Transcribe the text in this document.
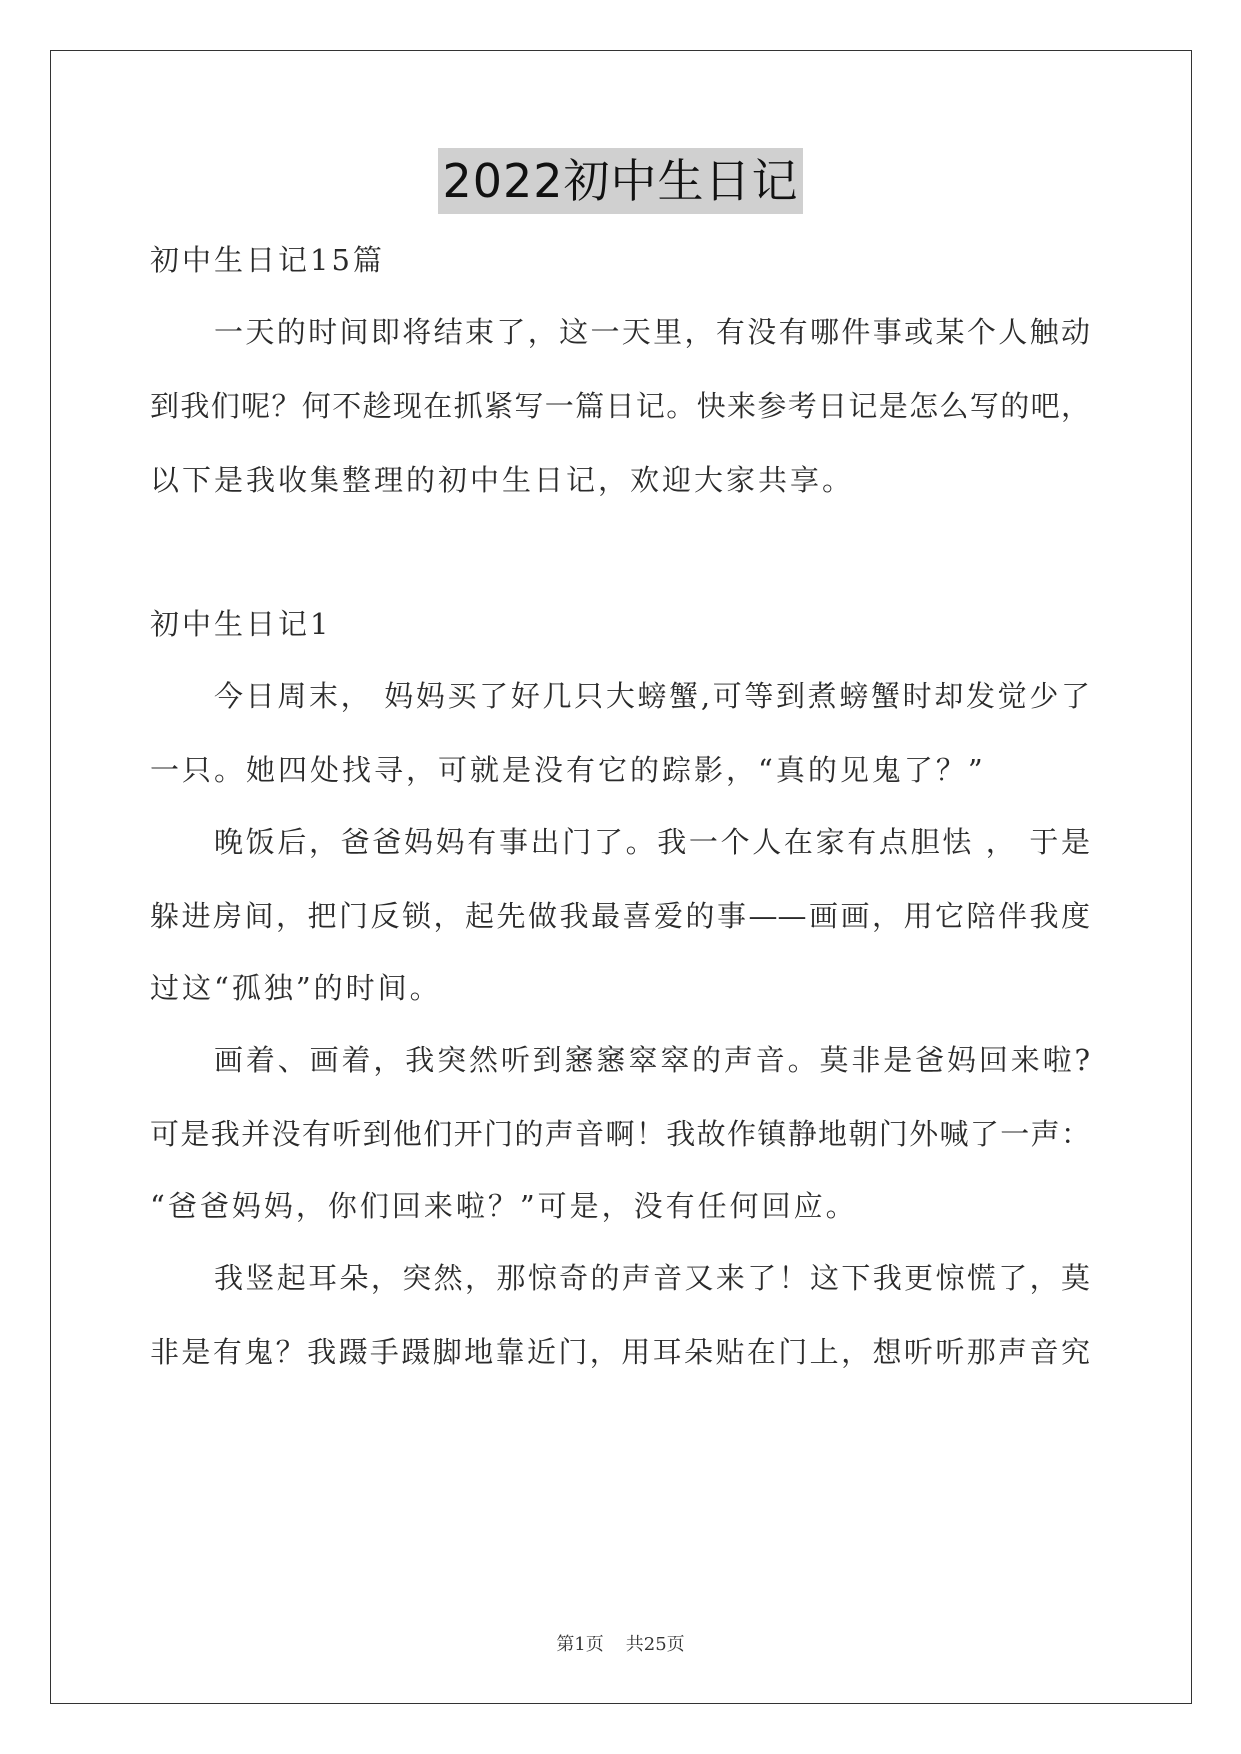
2022初中生日记
初中生日记15篇
一天的时间即将结束了，这一天里，有没有哪件事或某个人触动
到我们呢？何不趁现在抓紧写一篇日记。快来参考日记是怎么写的吧，
以下是我收集整理的初中生日记，欢迎大家共享。
初中生日记1
今日周末， 妈妈买了好几只大螃蟹,可等到煮螃蟹时却发觉少了
一只。她四处找寻，可就是没有它的踪影，“真的见鬼了？”
晚饭后，爸爸妈妈有事出门了。我一个人在家有点胆怯 ， 于是
躲进房间，把门反锁，起先做我最喜爱的事——画画，用它陪伴我度
过这“孤独”的时间。
画着、画着，我突然听到窸窸窣窣的声音。莫非是爸妈回来啦?
可是我并没有听到他们开门的声音啊！我故作镇静地朝门外喊了一声：
“爸爸妈妈，你们回来啦？”可是，没有任何回应。
我竖起耳朵，突然，那惊奇的声音又来了！这下我更惊慌了，莫
非是有鬼？我蹑手蹑脚地靠近门，用耳朵贴在门上，想听听那声音究
第1页 共25页
